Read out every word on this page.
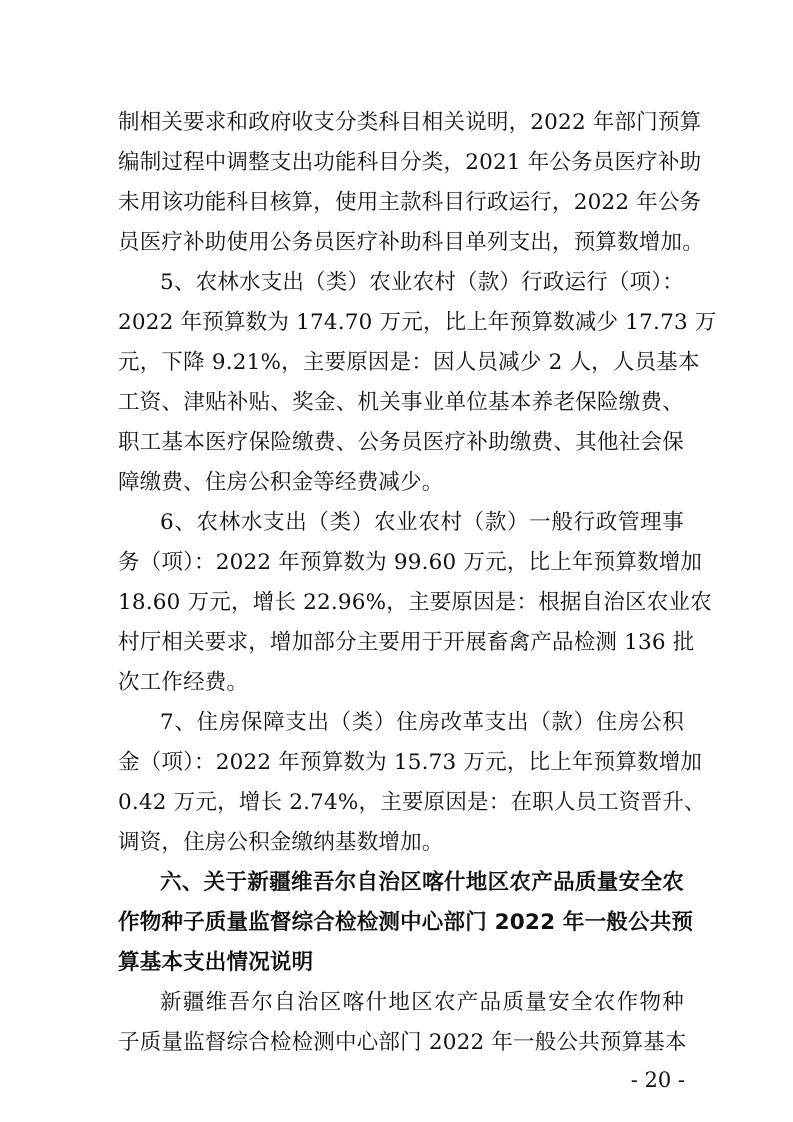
制相关要求和政府收支分类科目相关说明，2022 年部门预算
编制过程中调整支出功能科目分类，2021 年公务员医疗补助
未用该功能科目核算，使用主款科目行政运行，2022 年公务
员医疗补助使用公务员医疗补助科目单列支出，预算数增加。
5、农林水支出（类）农业农村（款）行政运行（项）：
2022 年预算数为 174.70 万元，比上年预算数减少 17.73 万
元，下降 9.21%，主要原因是：因人员减少 2 人，人员基本
工资、津贴补贴、奖金、机关事业单位基本养老保险缴费、
职工基本医疗保险缴费、公务员医疗补助缴费、其他社会保
障缴费、住房公积金等经费减少。
6、农林水支出（类）农业农村（款）一般行政管理事
务（项）：2022 年预算数为 99.60 万元，比上年预算数增加
18.60 万元，增长 22.96%，主要原因是：根据自治区农业农
村厅相关要求，增加部分主要用于开展畜禽产品检测 136 批
次工作经费。
7、住房保障支出（类）住房改革支出（款）住房公积
金（项）：2022 年预算数为 15.73 万元，比上年预算数增加
0.42 万元，增长 2.74%，主要原因是：在职人员工资晋升、
调资，住房公积金缴纳基数增加。
六、关于新疆维吾尔自治区喀什地区农产品质量安全农
作物种子质量监督综合检检测中心部门 2022 年一般公共预
算基本支出情况说明
新疆维吾尔自治区喀什地区农产品质量安全农作物种
子质量监督综合检检测中心部门 2022 年一般公共预算基本
- 20 -
